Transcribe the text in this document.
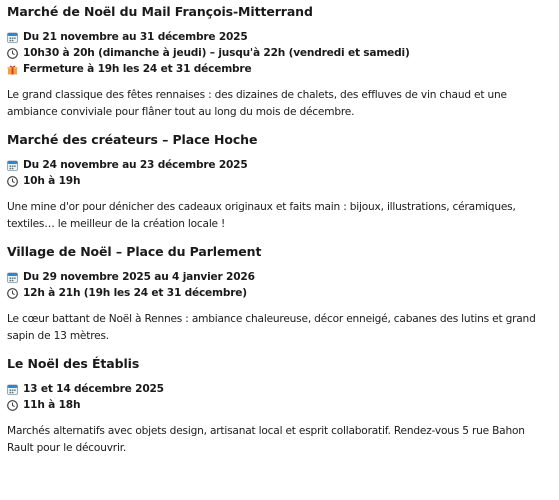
Marché de Noël du Mail François-Mitterrand
Du 21 novembre au 31 décembre 2025
10h30 à 20h (dimanche à jeudi) – jusqu'à 22h (vendredi et samedi)
Fermeture à 19h les 24 et 31 décembre

Le grand classique des fêtes rennaises : des dizaines de chalets, des effluves de vin chaud et une ambiance conviviale pour flâner tout au long du mois de décembre.

Marché des créateurs – Place Hoche
Du 24 novembre au 23 décembre 2025
10h à 19h

Une mine d'or pour dénicher des cadeaux originaux et faits main : bijoux, illustrations, céramiques, textiles… le meilleur de la création locale !

Village de Noël – Place du Parlement
Du 29 novembre 2025 au 4 janvier 2026
12h à 21h (19h les 24 et 31 décembre)

Le cœur battant de Noël à Rennes : ambiance chaleureuse, décor enneigé, cabanes des lutins et grand sapin de 13 mètres.

Le Noël des Établis
13 et 14 décembre 2025
11h à 18h

Marchés alternatifs avec objets design, artisanat local et esprit collaboratif. Rendez-vous 5 rue Bahon Rault pour le découvrir.
